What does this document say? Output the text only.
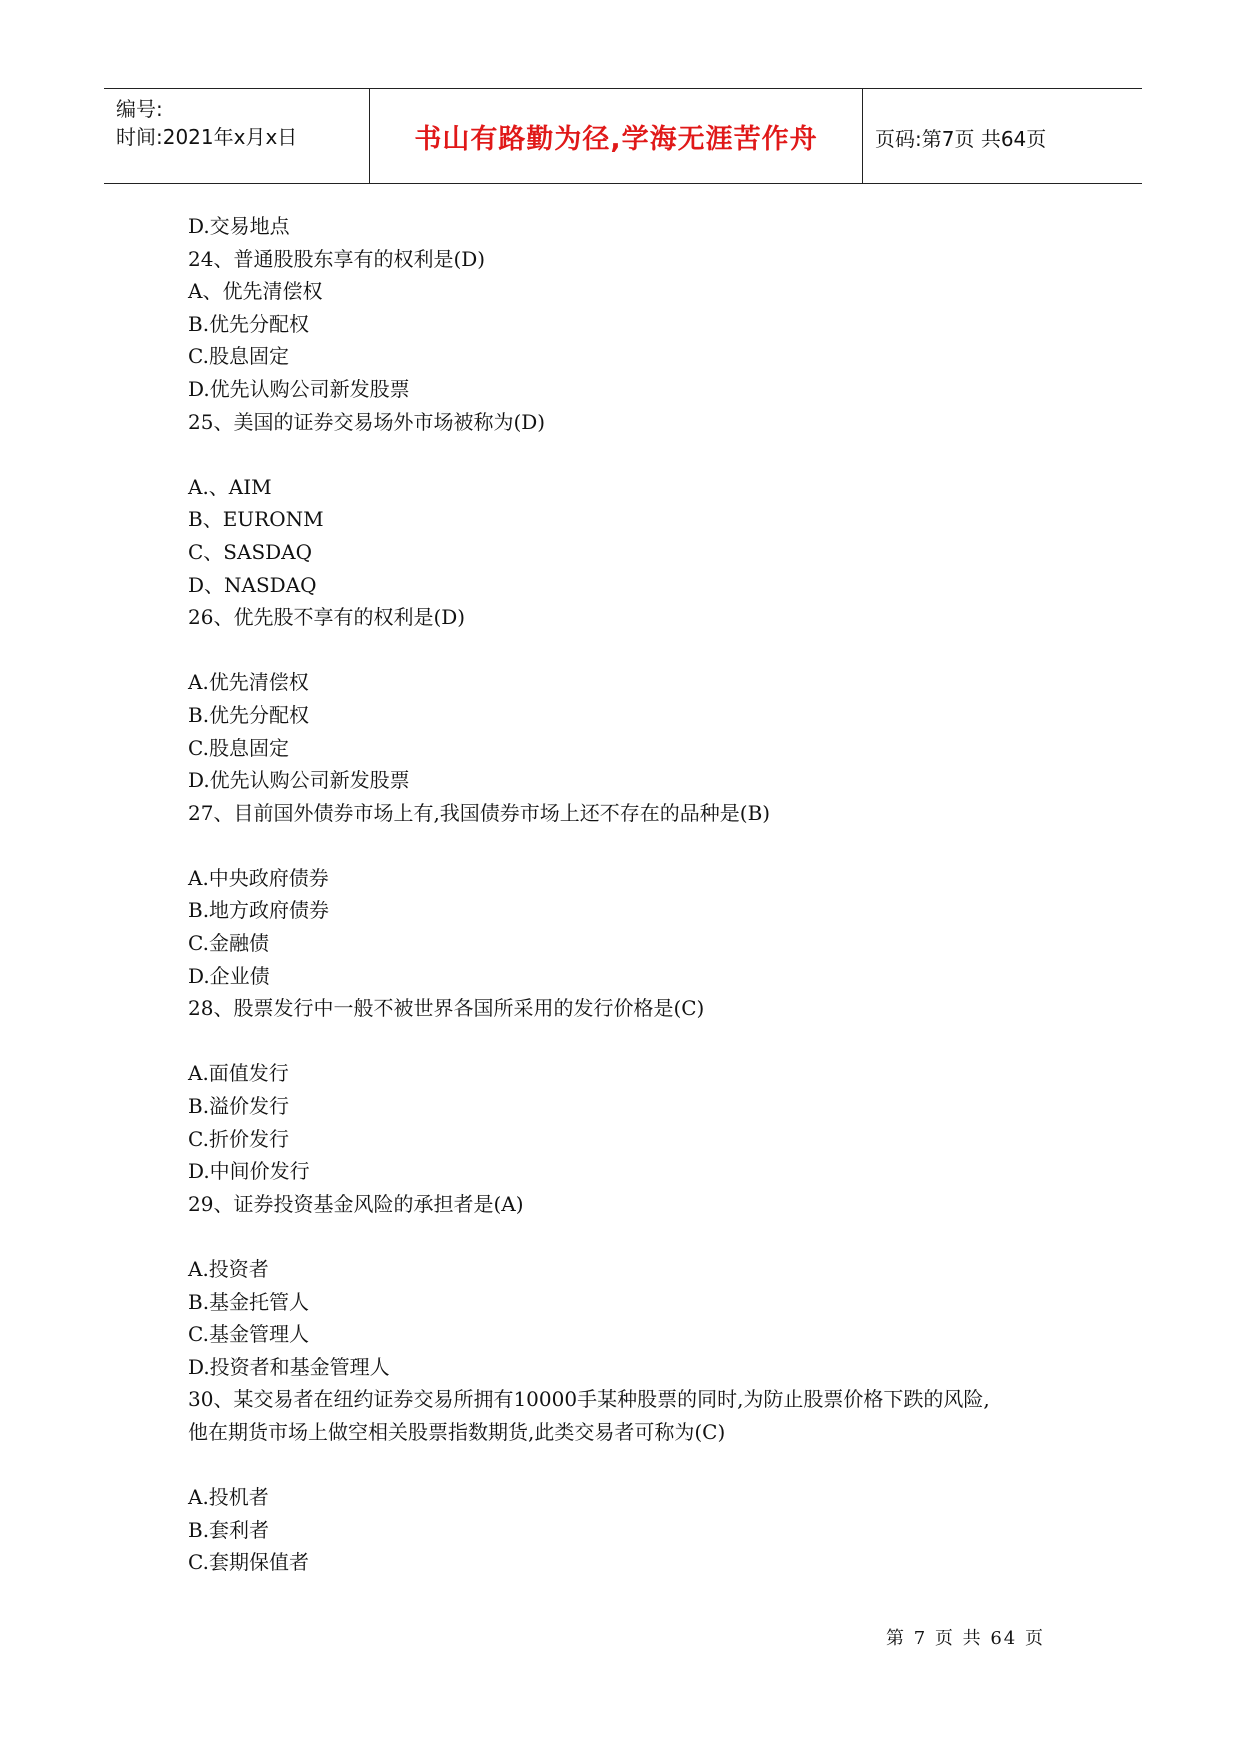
编号:
时间:2021年x月x日	书山有路勤为径,学海无涯苦作舟	页码:第7页 共64页
D.交易地点
24、普通股股东享有的权利是(D)
A、优先清偿权
B.优先分配权
C.股息固定
D.优先认购公司新发股票
25、美国的证券交易场外市场被称为(D)
A.、AIM
B、EURONM
C、SASDAQ
D、NASDAQ
26、优先股不享有的权利是(D)
A.优先清偿权
B.优先分配权
C.股息固定
D.优先认购公司新发股票
27、目前国外债券市场上有,我国债券市场上还不存在的品种是(B)
A.中央政府债券
B.地方政府债券
C.金融债
D.企业债
28、股票发行中一般不被世界各国所采用的发行价格是(C)
A.面值发行
B.溢价发行
C.折价发行
D.中间价发行
29、证券投资基金风险的承担者是(A)
A.投资者
B.基金托管人
C.基金管理人
D.投资者和基金管理人
30、某交易者在纽约证券交易所拥有10000手某种股票的同时,为防止股票价格下跌的风险,
他在期货市场上做空相关股票指数期货,此类交易者可称为(C)
A.投机者
B.套利者
C.套期保值者
第 7 页 共 64 页
